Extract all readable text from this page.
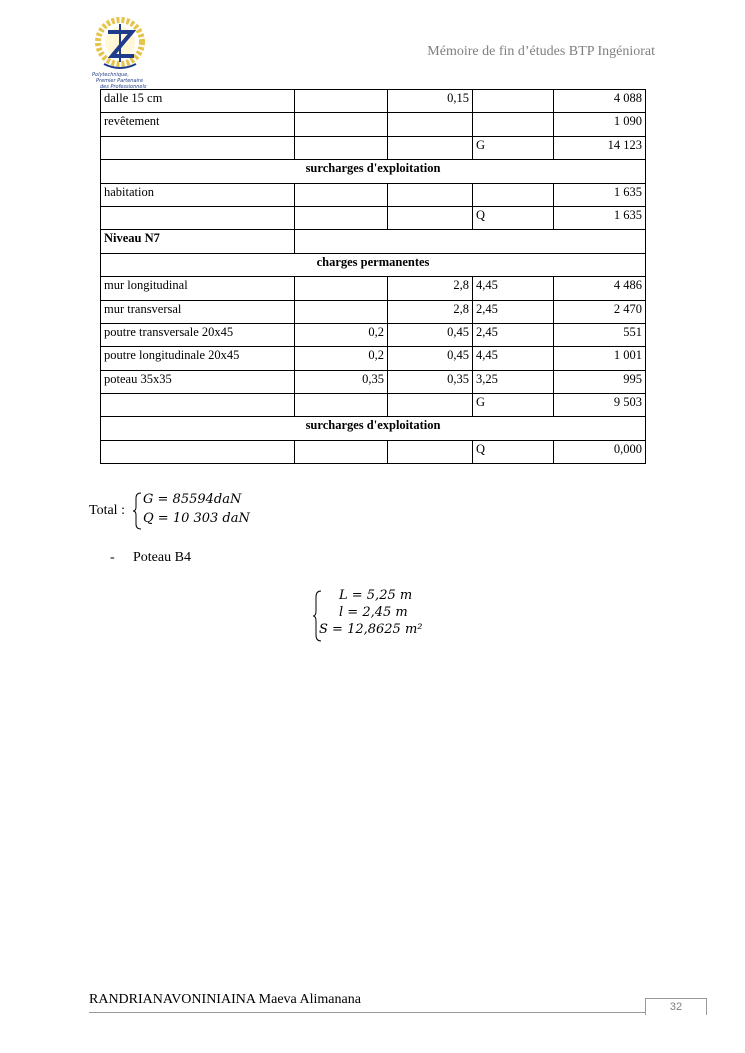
Polytechnique,
Premier Partenaire
des Professionnels
Mémoire de fin d’études BTP Ingéniorat
dalle 15 cm		0,15		4 088
revêtement				1 090
			G	14 123
surcharges d'exploitation				
habitation				1 635
			Q	1 635
Niveau N7				
charges permanentes				
mur longitudinal		2,8	4,45	4 486
mur transversal		2,8	2,45	2 470
poutre transversale 20x45	0,2	0,45	2,45	551
poutre longitudinale 20x45	0,2	0,45	4,45	1 001
poteau 35x35	0,35	0,35	3,25	995
			G	9 503
surcharges d'exploitation				
			Q	0,000
Total :
G = 85594daN
Q = 10 303 daN
- Poteau B4
L = 5,25 m
l = 2,45 m
S = 12,8625 m²
RANDRIANAVONINIAINA Maeva Alimanana	32
